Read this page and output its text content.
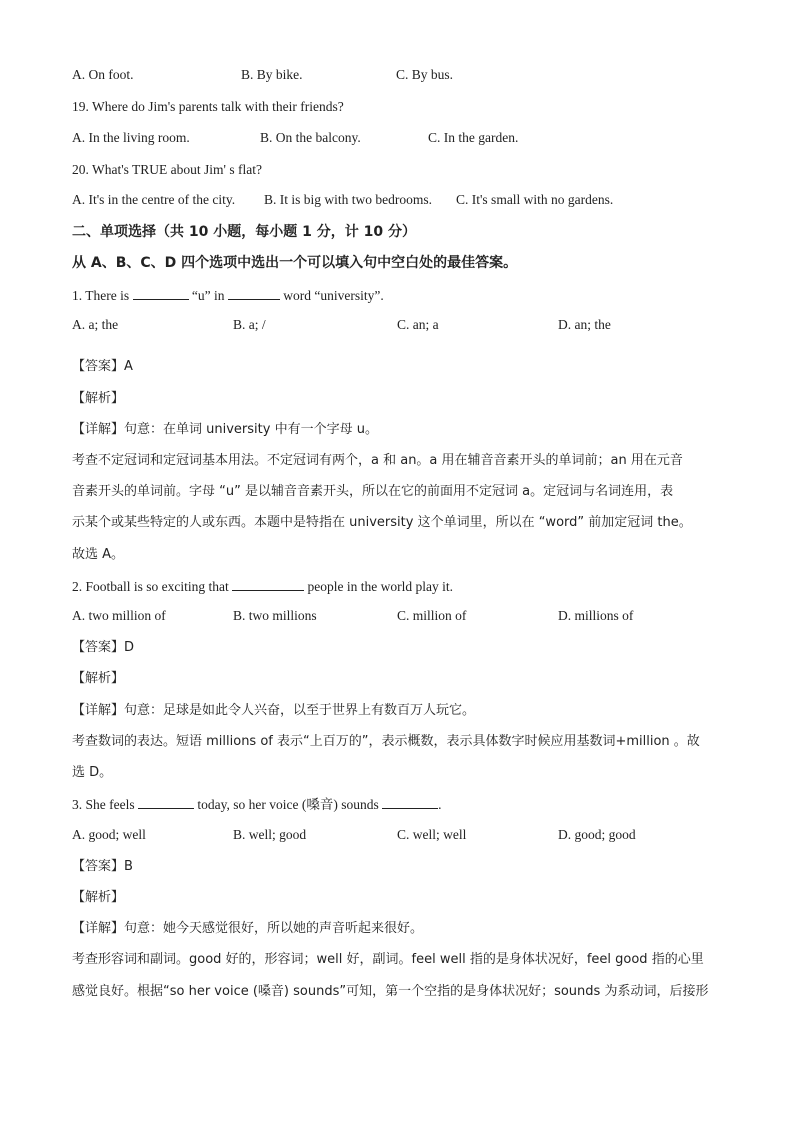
A. On foot.	B. By bike.	C. By bus.
19. Where do Jim's parents talk with their friends?
A. In the living room.	B. On the balcony.	C. In the garden.
20. What's TRUE about Jim' s flat?
A. It's in the centre of the city. B. It is big with two bedrooms. C. It's small with no gardens.
二、单项选择（共 10 小题，每小题 1 分，计 10 分）
从 A、B、C、D 四个选项中选出一个可以填入句中空白处的最佳答案。
1. There is	“u” in	word “university”.
A. a; the	B. a; /	C. an; a	D. an; the
【答案】A
【解析】
【详解】句意：在单词 university 中有一个字母 u。
考查不定冠词和定冠词基本用法。不定冠词有两个，a 和 an。a 用在辅音音素开头的单词前；an 用在元音
音素开头的单词前。字母 “u” 是以辅音音素开头，所以在它的前面用不定冠词 a。定冠词与名词连用，表
示某个或某些特定的人或东西。本题中是特指在 university 这个单词里，所以在 “word” 前加定冠词 the。
故选 A。
2. Football is so exciting that	people in the world play it.
A. two million of	B. two millions	C. million of	D. millions of
【答案】D
【解析】
【详解】句意：足球是如此令人兴奋，以至于世界上有数百万人玩它。
考查数词的表达。短语 millions of 表示“上百万的”，表示概数，表示具体数字时候应用基数词+million 。故
选 D。
3. She feels	today, so her voice (嗓音) sounds	.
A. good; well	B. well; good	C. well; well	D. good; good
【答案】B
【解析】
【详解】句意：她今天感觉很好，所以她的声音听起来很好。
考查形容词和副词。good 好的，形容词；well 好，副词。feel well 指的是身体状况好，feel good 指的心里
感觉良好。根据“so her voice (嗓音) sounds”可知，第一个空指的是身体状况好；sounds 为系动词，后接形
